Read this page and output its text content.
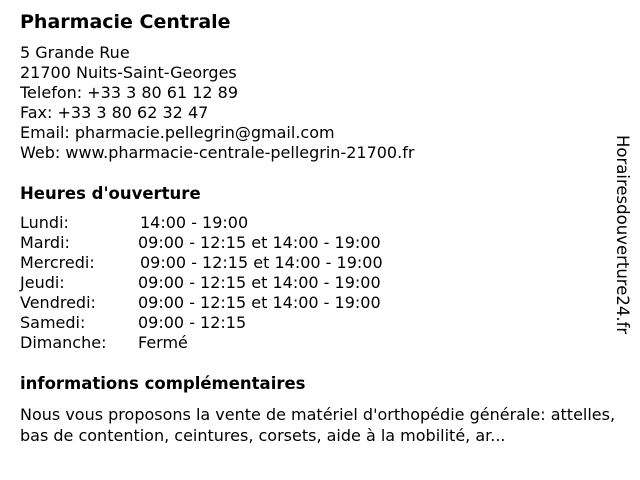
Pharmacie Centrale
5 Grande Rue
21700 Nuits-Saint-Georges
Telefon: +33 3 80 61 12 89
Fax: +33 3 80 62 32 47
Email: pharmacie.pellegrin@gmail.com
Web: www.pharmacie-centrale-pellegrin-21700.fr
Heures d'ouverture
Lundi:	14:00 - 19:00
Mardi:	09:00 - 12:15 et 14:00 - 19:00
Mercredi:	09:00 - 12:15 et 14:00 - 19:00
Jeudi:	09:00 - 12:15 et 14:00 - 19:00
Vendredi:	09:00 - 12:15 et 14:00 - 19:00
Samedi:	09:00 - 12:15
Dimanche: Fermé
informations complémentaires

Nous vous proposons la vente de matériel d'orthopédie générale: attelles, bas de contention, ceintures, corsets, aide à la mobilité, ar...

Horairesdouverture24.fr
